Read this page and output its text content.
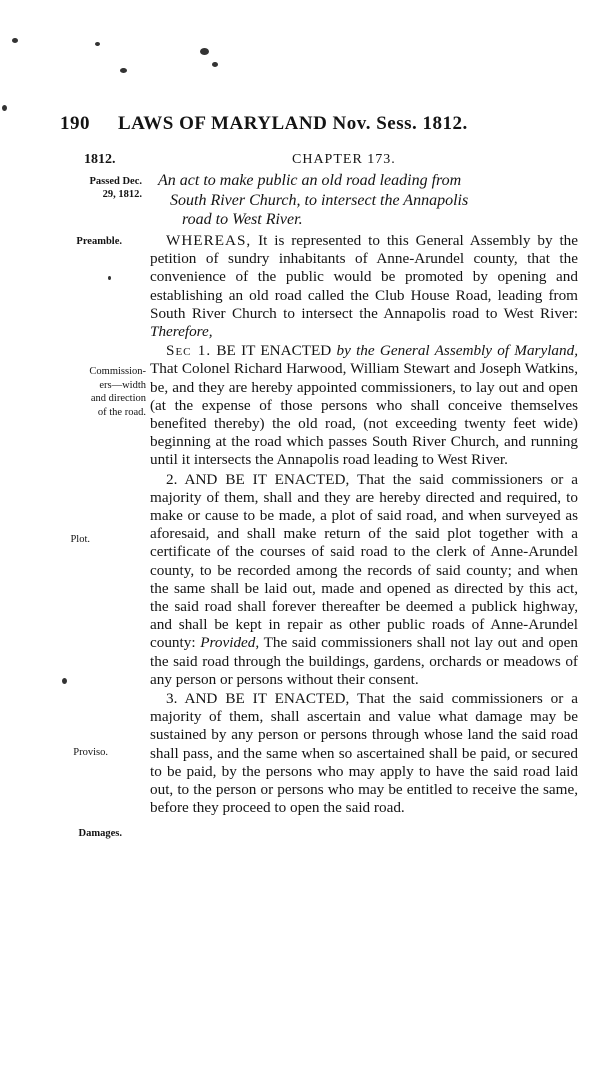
190 LAWS OF MARYLAND Nov. Sess. 1812.
1812.	CHAPTER 173.
Passed Dec.
29, 1812.
Preamble.
Commission-
ers—width
and direction
of the road.
Plot.
Proviso.
Damages.
An act to make public an old road leading from
South River Church, to intersect the Annapolis
road to West River.

WHEREAS, It is represented to this General Assembly by the petition of sundry inhabitants of Anne-Arundel county, that the convenience of the public would be promoted by opening and establishing an old road called the Club House Road, leading from South River Church to intersect the Annapolis road to West River: Therefore,

Sec 1. BE IT ENACTED by the General Assembly of Maryland, That Colonel Richard Harwood, William Stewart and Joseph Watkins, be, and they are hereby appointed commissioners, to lay out and open (at the expense of those persons who shall conceive themselves benefited thereby) the old road, (not exceeding twenty feet wide) beginning at the road which passes South River Church, and running until it intersects the Annapolis road leading to West River.

2. AND BE IT ENACTED, That the said commissioners or a majority of them, shall and they are hereby directed and required, to make or cause to be made, a plot of said road, and when surveyed as aforesaid, and shall make return of the said plot together with a certificate of the courses of said road to the clerk of Anne-Arundel county, to be recorded among the records of said county; and when the same shall be laid out, made and opened as directed by this act, the said road shall forever thereafter be deemed a publick highway, and shall be kept in repair as other public roads of Anne-Arundel county: Provided, The said commissioners shall not lay out and open the said road through the buildings, gardens, orchards or meadows of any person or persons without their consent.

3. AND BE IT ENACTED, That the said commissioners or a majority of them, shall ascertain and value what damage may be sustained by any person or persons through whose land the said road shall pass, and the same when so ascertained shall be paid, or secured to be paid, by the persons who may apply to have the said road laid out, to the person or persons who may be entitled to receive the same, before they proceed to open the said road.
